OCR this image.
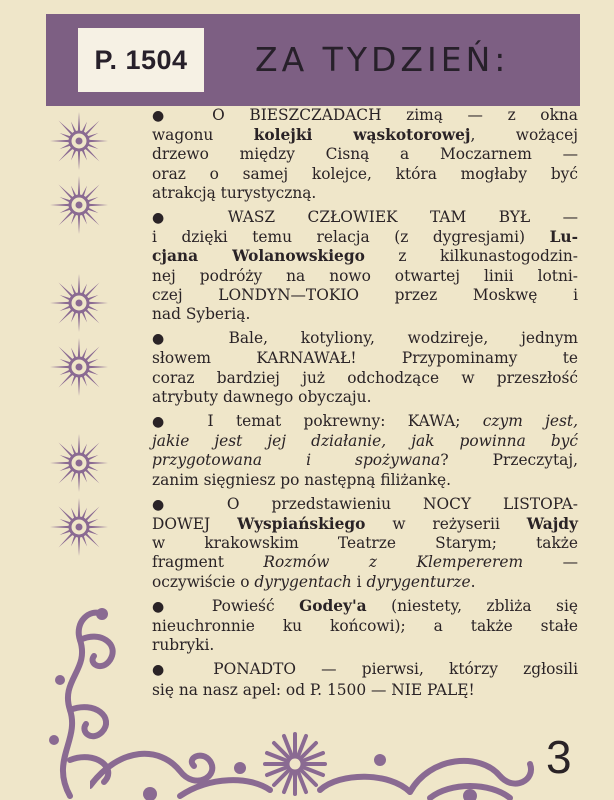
P. 1504	ZA TYDZIEŃ:
● O BIESZCZADACH zimą — z okna
wagonu kolejki wąskotorowej, wożącej
drzewo między Cisną a Moczarnem —
oraz o samej kolejce, która mogłaby być
atrakcją turystyczną.
● WASZ CZŁOWIEK TAM BYŁ —
i dzięki temu relacja (z dygresjami) Lu-
cjana Wolanowskiego z kilkunastogodzin-
nej podróży na nowo otwartej linii lotni-
czej LONDYN—TOKIO przez Moskwę i
nad Syberią.
● Bale, kotyliony, wodzireje, jednym
słowem KARNAWAŁ! Przypominamy te
coraz bardziej już odchodzące w przeszłość
atrybuty dawnego obyczaju.
● I temat pokrewny: KAWA; czym jest,
jakie jest jej działanie, jak powinna być
przygotowana i spożywana? Przeczytaj,
zanim sięgniesz po następną filiżankę.
● O przedstawieniu NOCY LISTOPA-
DOWEJ Wyspiańskiego w reżyserii Wajdy
w krakowskim Teatrze Starym; także
fragment Rozmów z Klempererem —
oczywiście o dyrygentach i dyrygenturze.
● Powieść Godey'a (niestety, zbliża się
nieuchronnie ku końcowi); a także stałe
rubryki.
● PONADTO — pierwsi, którzy zgłosili
się na nasz apel: od P. 1500 — NIE PALĘ!
3
